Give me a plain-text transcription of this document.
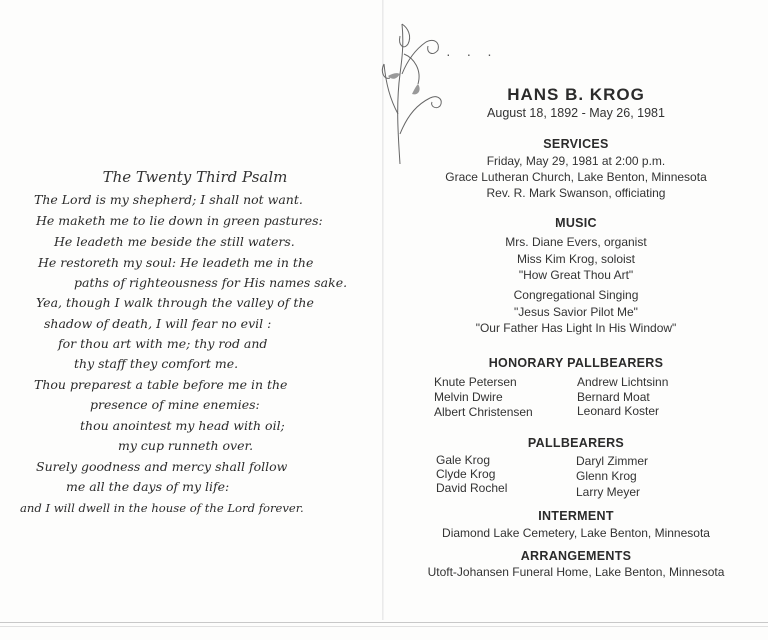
The Twenty Third Psalm
The Lord is my shepherd; I shall not want.
He maketh me to lie down in green pastures:
He leadeth me beside the still waters.
He restoreth my soul: He leadeth me in the
paths of righteousness for His names sake.
Yea, though I walk through the valley of the
shadow of death, I will fear no evil :
for thou art with me; thy rod and
thy staff they comfort me.
Thou preparest a table before me in the
presence of mine enemies:
thou anointest my head with oil;
my cup runneth over.
Surely goodness and mercy shall follow
me all the days of my life:
and I will dwell in the house of the Lord forever.
· · ·
HANS B. KROG
August 18, 1892 - May 26, 1981
SERVICES
Friday, May 29, 1981 at 2:00 p.m.
Grace Lutheran Church, Lake Benton, Minnesota
Rev. R. Mark Swanson, officiating
MUSIC
Mrs. Diane Evers, organist
Miss Kim Krog, soloist
"How Great Thou Art"
Congregational Singing
"Jesus Savior Pilot Me"
"Our Father Has Light In His Window"
HONORARY PALLBEARERS
Knute Petersen
Melvin Dwire
Albert Christensen
Andrew Lichtsinn
Bernard Moat
Leonard Koster
PALLBEARERS
Gale Krog
Clyde Krog
David Rochel
Daryl Zimmer
Glenn Krog
Larry Meyer
INTERMENT
Diamond Lake Cemetery, Lake Benton, Minnesota
ARRANGEMENTS
Utoft-Johansen Funeral Home, Lake Benton, Minnesota
